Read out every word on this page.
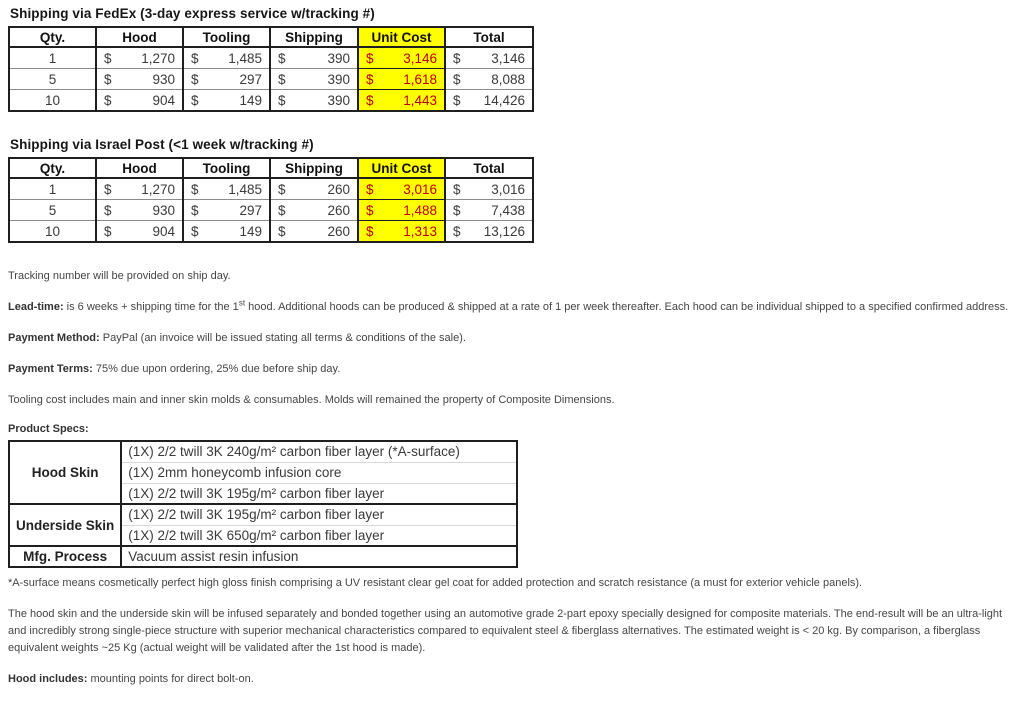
Shipping via FedEx (3-day express service w/tracking #)
Qty.	Hood	Tooling	Shipping	Unit Cost	Total
1	$ 1,270	$ 1,485	$ 390	$ 3,146	$ 3,146

5	$ 930	$ 297	$ 390	$ 1,618	$ 8,088

10	$ 904	$ 149	$ 390	$ 1,443	$ 14,426
Shipping via Israel Post (<1 week w/tracking #)
Qty.	Hood	Tooling	Shipping	Unit Cost	Total
1	$ 1,270	$ 1,485	$ 260	$ 3,016	$ 3,016

5	$ 930	$ 297	$ 260	$ 1,488	$ 7,438

10	$ 904	$ 149	$ 260	$ 1,313	$ 13,126

Tracking number will be provided on ship day.

Lead-time: is 6 weeks + shipping time for the 1st hood. Additional hoods can be produced & shipped at a rate of 1 per week thereafter. Each hood can be individual shipped to a specified confirmed address.

Payment Method: PayPal (an invoice will be issued stating all terms & conditions of the sale).

Payment Terms: 75% due upon ordering, 25% due before ship day.

Tooling cost includes main and inner skin molds & consumables. Molds will remained the property of Composite Dimensions.

Product Specs:
Hood Skin	(1X) 2/2 twill 3K 240g/m² carbon fiber layer (*A-surface)
	(1X) 2mm honeycomb infusion core
	(1X) 2/2 twill 3K 195g/m² carbon fiber layer
Underside Skin	(1X) 2/2 twill 3K 195g/m² carbon fiber layer
	(1X) 2/2 twill 3K 650g/m² carbon fiber layer
Mfg. Process	Vacuum assist resin infusion

*A-surface means cosmetically perfect high gloss finish comprising a UV resistant clear gel coat for added protection and scratch resistance (a must for exterior vehicle panels).

The hood skin and the underside skin will be infused separately and bonded together using an automotive grade 2-part epoxy specially designed for composite materials. The end-result will be an ultra-light and incredibly strong single-piece structure with superior mechanical characteristics compared to equivalent steel & fiberglass alternatives. The estimated weight is < 20 kg. By comparison, a fiberglass equivalent weights ~25 Kg (actual weight will be validated after the 1st hood is made).

Hood includes: mounting points for direct bolt-on.
